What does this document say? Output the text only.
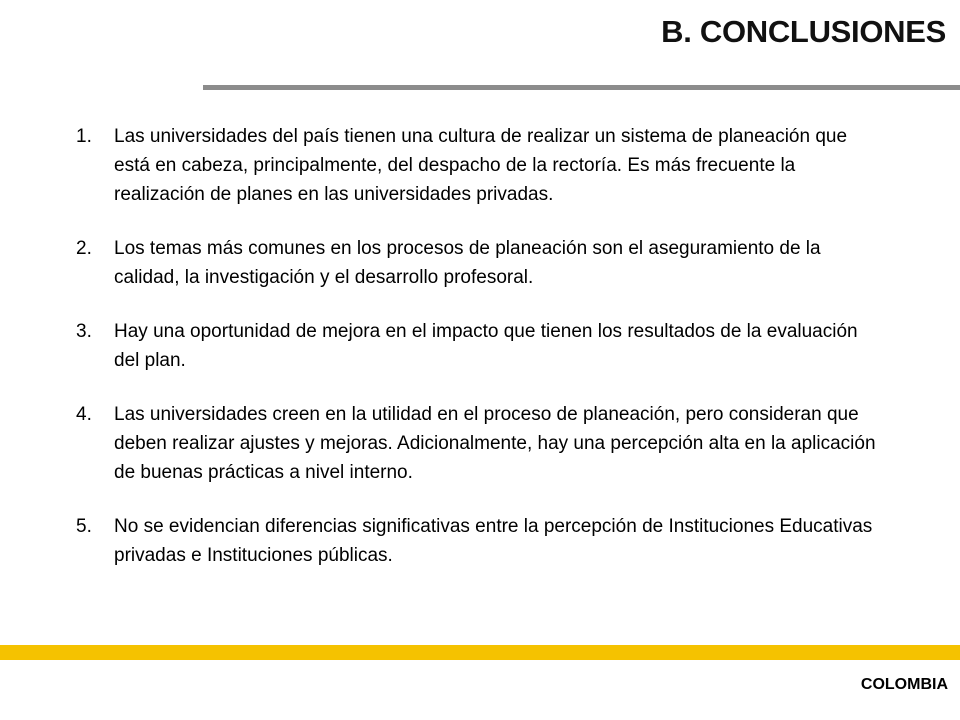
B. CONCLUSIONES
1.	Las universidades del país tienen una cultura de realizar un sistema de planeación que está en cabeza, principalmente, del despacho de la rectoría. Es más frecuente la realización de planes en las universidades privadas.
2.	Los temas más comunes en los procesos de planeación son el aseguramiento de la calidad, la investigación y el desarrollo profesoral.
3.	Hay una oportunidad de mejora en el impacto que tienen los resultados de la evaluación del plan.
4.	Las universidades creen en la utilidad en el proceso de planeación, pero consideran que deben realizar ajustes y mejoras. Adicionalmente, hay una percepción alta en la aplicación de buenas prácticas a nivel interno.
5.	No se evidencian diferencias significativas entre la percepción de Instituciones Educativas privadas e Instituciones públicas.
COLOMBIA
